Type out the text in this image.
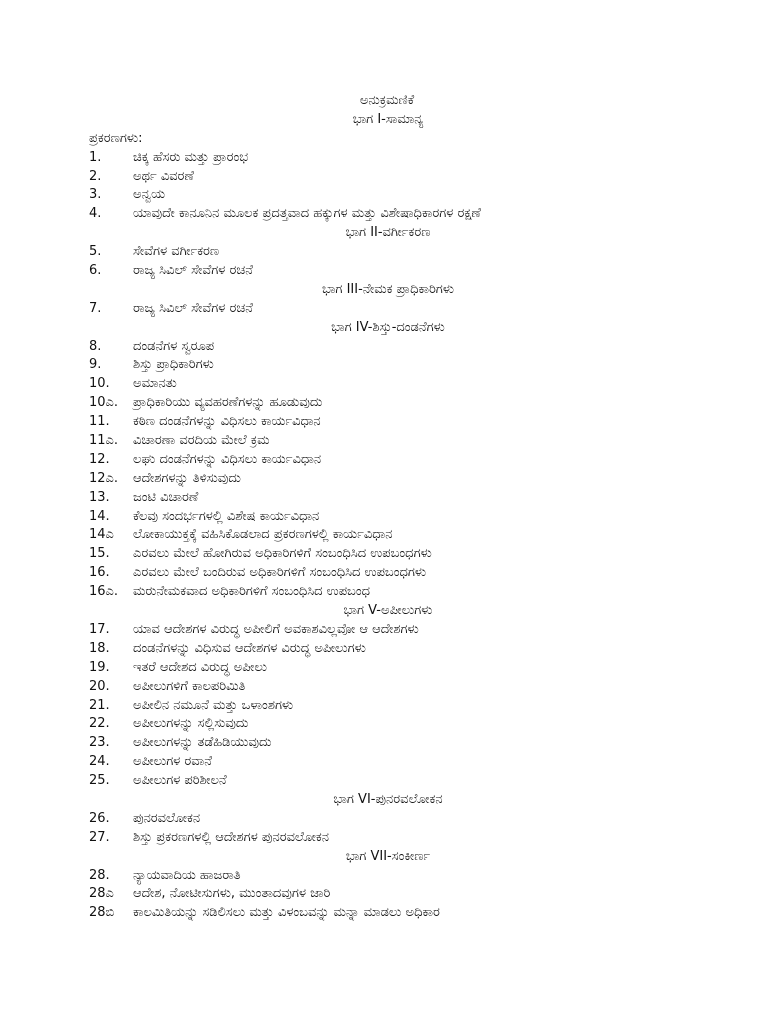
ಅನುಕ್ರಮಣಿಕೆ
ಭಾಗ I-ಸಾಮಾನ್ಯ
ಪ್ರಕರಣಗಳು:
1. ಚಿಕ್ಕ ಹೆಸರು ಮತ್ತು ಪ್ರಾರಂಭ
2. ಅರ್ಥ ವಿವರಣೆ
3. ಅನ್ವಯ
4. ಯಾವುದೇ ಕಾನೂನಿನ ಮೂಲಕ ಪ್ರದತ್ತವಾದ ಹಕ್ಕುಗಳ ಮತ್ತು ವಿಶೇಷಾಧಿಕಾರಗಳ ರಕ್ಷಣೆ
ಭಾಗ II-ವರ್ಗೀಕರಣ
5. ಸೇವೆಗಳ ವರ್ಗೀಕರಣ
6. ರಾಜ್ಯ ಸಿವಿಲ್ ಸೇವೆಗಳ ರಚನೆ
ಭಾಗ III-ನೇಮಕ ಪ್ರಾಧಿಕಾರಿಗಳು
7. ರಾಜ್ಯ ಸಿವಿಲ್ ಸೇವೆಗಳ ರಚನೆ
ಭಾಗ IV-ಶಿಸ್ತು-ದಂಡನೆಗಳು
8. ದಂಡನೆಗಳ ಸ್ವರೂಪ
9. ಶಿಸ್ತು ಪ್ರಾಧಿಕಾರಿಗಳು
10. ಅಮಾನತು
10ಎ. ಪ್ರಾಧಿಕಾರಿಯು ವ್ಯವಹರಣೆಗಳನ್ನು ಹೂಡುವುದು
11. ಕಠಿಣ ದಂಡನೆಗಳನ್ನು ವಿಧಿಸಲು ಕಾರ್ಯವಿಧಾನ
11ಎ. ವಿಚಾರಣಾ ವರದಿಯ ಮೇಲೆ ಕ್ರಮ
12. ಲಘು ದಂಡನೆಗಳನ್ನು ವಿಧಿಸಲು ಕಾರ್ಯವಿಧಾನ
12ಎ. ಆದೇಶಗಳನ್ನು ತಿಳಿಸುವುದು
13. ಜಂಟಿ ವಿಚಾರಣೆ
14. ಕೆಲವು ಸಂದರ್ಭಗಳಲ್ಲಿ ವಿಶೇಷ ಕಾರ್ಯವಿಧಾನ
14ಎ ಲೋಕಾಯುಕ್ತಕ್ಕೆ ವಹಿಸಿಕೊಡಲಾದ ಪ್ರಕರಣಗಳಲ್ಲಿ ಕಾರ್ಯವಿಧಾನ
15. ಎರವಲು ಮೇಲೆ ಹೋಗಿರುವ ಅಧಿಕಾರಿಗಳಿಗೆ ಸಂಬಂಧಿಸಿದ ಉಪಬಂಧಗಳು
16. ಎರವಲು ಮೇಲೆ ಬಂದಿರುವ ಅಧಿಕಾರಿಗಳಿಗೆ ಸಂಬಂಧಿಸಿದ ಉಪಬಂಧಗಳು
16ಎ. ಮರುನೇಮಕವಾದ ಅಧಿಕಾರಿಗಳಿಗೆ ಸಂಬಂಧಿಸಿದ ಉಪಬಂಧ
ಭಾಗ V-ಅಪೀಲುಗಳು
17. ಯಾವ ಆದೇಶಗಳ ವಿರುದ್ಧ ಅಪೀಲಿಗೆ ಅವಕಾಶವಿಲ್ಲವೋ ಆ ಆದೇಶಗಳು
18. ದಂಡನೆಗಳನ್ನು ವಿಧಿಸುವ ಆದೇಶಗಳ ವಿರುದ್ಧ ಅಪೀಲುಗಳು
19. ಇತರೆ ಆದೇಶದ ವಿರುದ್ಧ ಅಪೀಲು
20. ಅಪೀಲುಗಳಿಗೆ ಕಾಲಪರಿಮಿತಿ
21. ಅಪೀಲಿನ ನಮೂನೆ ಮತ್ತು ಒಳಾಂಶಗಳು
22. ಅಪೀಲುಗಳನ್ನು ಸಲ್ಲಿಸುವುದು
23. ಅಪೀಲುಗಳನ್ನು ತಡೆಹಿಡಿಯುವುದು
24. ಅಪೀಲುಗಳ ರವಾನೆ
25. ಅಪೀಲುಗಳ ಪರಿಶೀಲನೆ
ಭಾಗ VI-ಪುನರವಲೋಕನ
26. ಪುನರವಲೋಕನ
27. ಶಿಸ್ತು ಪ್ರಕರಣಗಳಲ್ಲಿ ಆದೇಶಗಳ ಪುನರವಲೋಕನ
ಭಾಗ VII-ಸಂಕೀರ್ಣ
28. ನ್ಯಾಯವಾದಿಯ ಹಾಜರಾತಿ
28ಎ ಆದೇಶ, ನೋಟೀಸುಗಳು, ಮುಂತಾದವುಗಳ ಜಾರಿ
28ಬಿ ಕಾಲಮಿತಿಯನ್ನು ಸಡಿಲಿಸಲು ಮತ್ತು ವಿಳಂಬವನ್ನು ಮನ್ನಾ ಮಾಡಲು ಅಧಿಕಾರ
